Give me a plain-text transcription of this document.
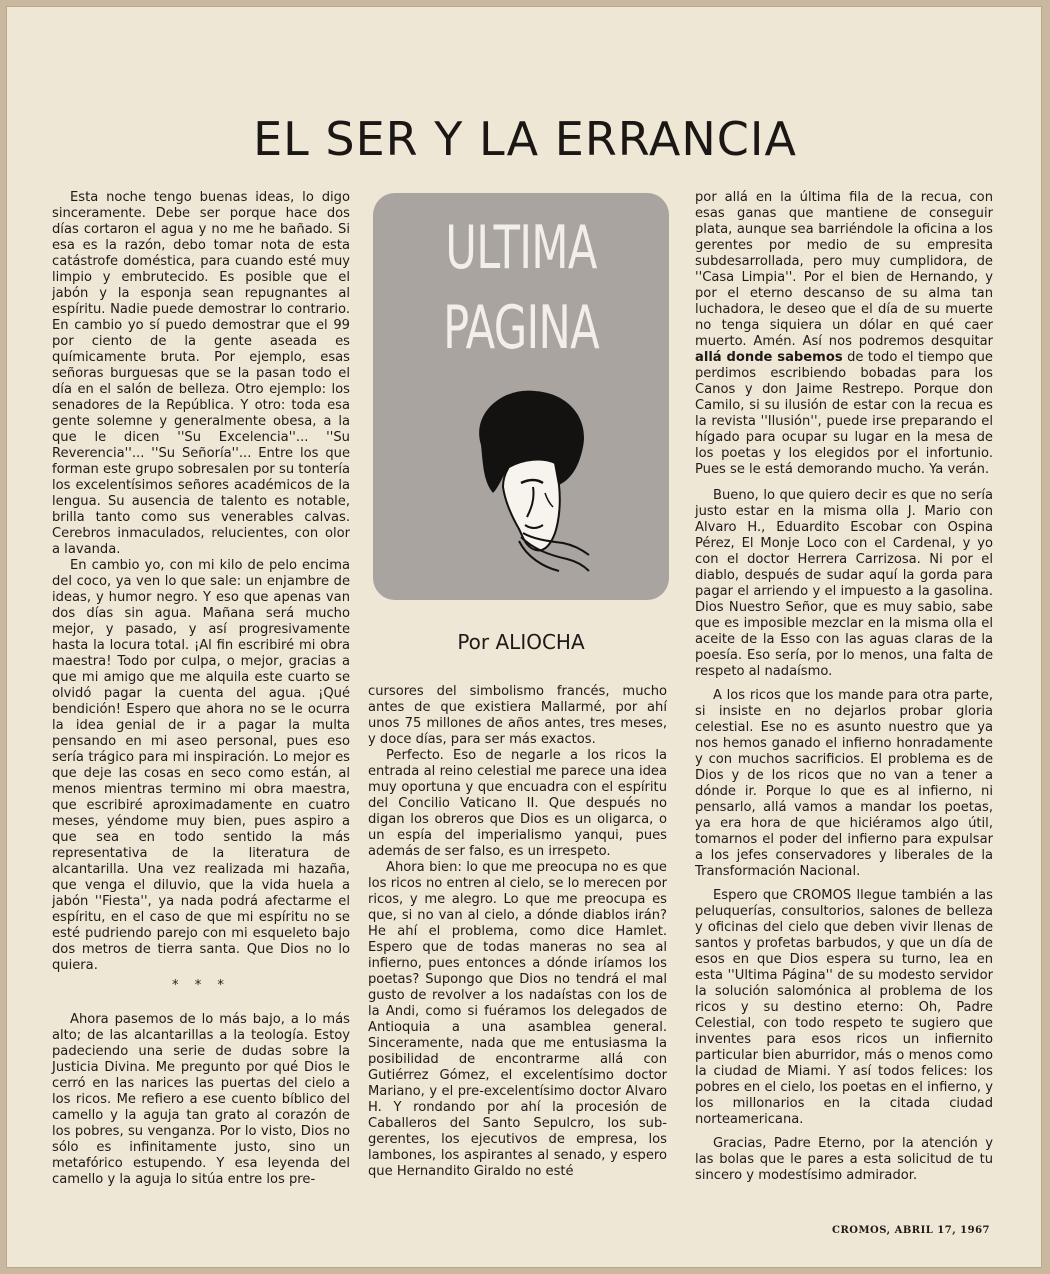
EL SER Y LA ERRANCIA

Esta noche tengo buenas ideas, lo digo sinceramente. Debe ser porque hace dos días cortaron el agua y no me he bañado. Si esa es la razón, debo tomar nota de esta catástrofe doméstica, para cuando esté muy limpio y embrutecido. Es posible que el jabón y la esponja sean repugnantes al espíritu. Nadie puede demostrar lo contrario. En cambio yo sí puedo demostrar que el 99 por ciento de la gente aseada es químicamente bruta. Por ejemplo, esas señoras burguesas que se la pasan todo el día en el salón de belleza. Otro ejemplo: los senadores de la República. Y otro: toda esa gente solemne y generalmente obesa, a la que le dicen ''Su Excelencia''... ''Su Reverencia''... ''Su Señoría''... Entre los que forman este grupo sobresalen por su tontería los excelentísimos señores académicos de la lengua. Su ausencia de talento es notable, brilla tanto como sus venerables calvas. Cerebros inmaculados, relucientes, con olor a lavanda.

En cambio yo, con mi kilo de pelo encima del coco, ya ven lo que sale: un enjambre de ideas, y humor negro. Y eso que apenas van dos días sin agua. Mañana será mucho mejor, y pasado, y así progresivamente hasta la locura total. ¡Al fin escribiré mi obra maestra! Todo por culpa, o mejor, gracias a que mi amigo que me alquila este cuarto se olvidó pagar la cuenta del agua. ¡Qué bendición! Espero que ahora no se le ocurra la idea genial de ir a pagar la multa pensando en mi aseo personal, pues eso sería trágico para mi inspiración. Lo mejor es que deje las cosas en seco como están, al menos mientras termino mi obra maestra, que escribiré aproximadamente en cuatro meses, yéndome muy bien, pues aspiro a que sea en todo sentido la más representativa de la literatura de alcantarilla. Una vez realizada mi hazaña, que venga el diluvio, que la vida huela a jabón ''Fiesta'', ya nada podrá afectarme el espíritu, en el caso de que mi espíritu no se esté pudriendo parejo con mi esqueleto bajo dos metros de tierra santa. Que Dios no lo quiera.

* * *

Ahora pasemos de lo más bajo, a lo más alto; de las alcantarillas a la teología. Estoy padeciendo una serie de dudas sobre la Justicia Divina. Me pregunto por qué Dios le cerró en las narices las puertas del cielo a los ricos. Me refiero a ese cuento bíblico del camello y la aguja tan grato al corazón de los pobres, su venganza. Por lo visto, Dios no sólo es infinitamente justo, sino un metafórico estupendo. Y esa leyenda del camello y la aguja lo sitúa entre los pre-

ULTIMA
PAGINA
Por ALIOCHA

cursores del simbolismo francés, mucho antes de que existiera Mallarmé, por ahí unos 75 millones de años antes, tres meses, y doce días, para ser más exactos.

Perfecto. Eso de negarle a los ricos la entrada al reino celestial me parece una idea muy oportuna y que encuadra con el espíritu del Concilio Vaticano II. Que después no digan los obreros que Dios es un oligarca, o un espía del imperialismo yanqui, pues además de ser falso, es un irrespeto.

Ahora bien: lo que me preocupa no es que los ricos no entren al cielo, se lo merecen por ricos, y me alegro. Lo que me preocupa es que, si no van al cielo, a dónde diablos irán? He ahí el problema, como dice Hamlet. Espero que de todas maneras no sea al infierno, pues entonces a dónde iríamos los poetas? Supongo que Dios no tendrá el mal gusto de revolver a los nadaístas con los de la Andi, como si fuéramos los delegados de Antioquia a una asamblea general. Sinceramente, nada que me entusiasma la posibilidad de encontrarme allá con Gutiérrez Gómez, el excelentísimo doctor Mariano, y el pre-excelentísimo doctor Alvaro H. Y rondando por ahí la procesión de Caballeros del Santo Sepulcro, los sub-gerentes, los ejecutivos de empresa, los lambones, los aspirantes al senado, y espero que Hernandito Giraldo no esté

por allá en la última fila de la recua, con esas ganas que mantiene de conseguir plata, aunque sea barriéndole la oficina a los gerentes por medio de su empresita subdesarrollada, pero muy cumplidora, de ''Casa Limpia''. Por el bien de Hernando, y por el eterno descanso de su alma tan luchadora, le deseo que el día de su muerte no tenga siquiera un dólar en qué caer muerto. Amén. Así nos podremos desquitar allá donde sabemos de todo el tiempo que perdimos escribiendo bobadas para los Canos y don Jaime Restrepo. Porque don Camilo, si su ilusión de estar con la recua es la revista ''Ilusión'', puede irse preparando el hígado para ocupar su lugar en la mesa de los poetas y los elegidos por el infortunio. Pues se le está demorando mucho. Ya verán.

Bueno, lo que quiero decir es que no sería justo estar en la misma olla J. Mario con Alvaro H., Eduardito Escobar con Ospina Pérez, El Monje Loco con el Cardenal, y yo con el doctor Herrera Carrizosa. Ni por el diablo, después de sudar aquí la gorda para pagar el arriendo y el impuesto a la gasolina. Dios Nuestro Señor, que es muy sabio, sabe que es imposible mezclar en la misma olla el aceite de la Esso con las aguas claras de la poesía. Eso sería, por lo menos, una falta de respeto al nadaísmo.

A los ricos que los mande para otra parte, si insiste en no dejarlos probar gloria celestial. Ese no es asunto nuestro que ya nos hemos ganado el infierno honradamente y con muchos sacrificios. El problema es de Dios y de los ricos que no van a tener a dónde ir. Porque lo que es al infierno, ni pensarlo, allá vamos a mandar los poetas, ya era hora de que hiciéramos algo útil, tomarnos el poder del infierno para expulsar a los jefes conservadores y liberales de la Transformación Nacional.

Espero que CROMOS llegue también a las peluquerías, consultorios, salones de belleza y oficinas del cielo que deben vivir llenas de santos y profetas barbudos, y que un día de esos en que Dios espera su turno, lea en esta ''Ultima Página'' de su modesto servidor la solución salomónica al problema de los ricos y su destino eterno: Oh, Padre Celestial, con todo respeto te sugiero que inventes para esos ricos un infiernito particular bien aburridor, más o menos como la ciudad de Miami. Y así todos felices: los pobres en el cielo, los poetas en el infierno, y los millonarios en la citada ciudad norteamericana.

Gracias, Padre Eterno, por la atención y las bolas que le pares a esta solicitud de tu sincero y modestísimo admirador.

CROMOS, ABRIL 17, 1967
